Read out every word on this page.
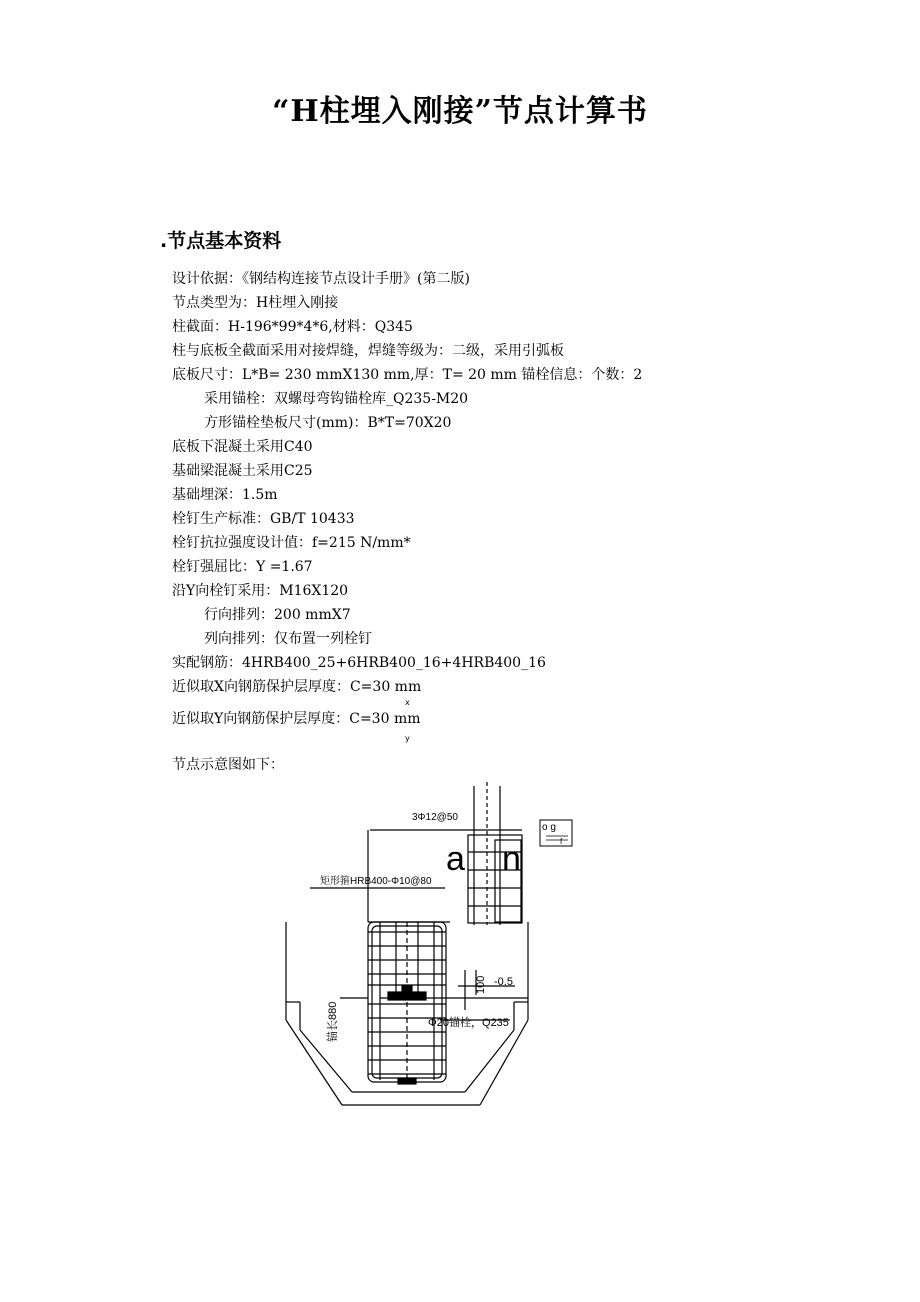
“H柱埋入刚接”节点计算书
.节点基本资料
设计依据：《钢结构连接节点设计手册》(第二版)
节点类型为：H柱埋入刚接
柱截面：H-196*99*4*6,材料：Q345
柱与底板全截面采用对接焊缝，焊缝等级为：二级，采用引弧板
底板尺寸：L*B= 230 mmX130 mm,厚：T= 20 mm 锚栓信息：个数：2
采用锚栓：双螺母弯钩锚栓库_Q235-M20
方形锚栓垫板尺寸(mm)：B*T=70X20
底板下混凝土采用C40
基础梁混凝土采用C25
基础埋深：1.5m
栓钉生产标准：GB/T 10433
栓钉抗拉强度设计值：f=215 N/mm*
栓钉强屈比：Y =1.67
沿Y向栓钉采用：M16X120
行向排列：200 mmX7
列向排列：仅布置一列栓钉
实配钢筋：4HRB400_25+6HRB400_16+4HRB400_16
近似取X向钢筋保护层厚度：C=30 mm
x
近似取Y向钢筋保护层厚度：C=30 mm
y
节点示意图如下：
3Φ12@50
矩形箍HRB400-Φ10@80
a n
o g
f
锚长880
100 -0.5
Φ20锚栓，Q235
